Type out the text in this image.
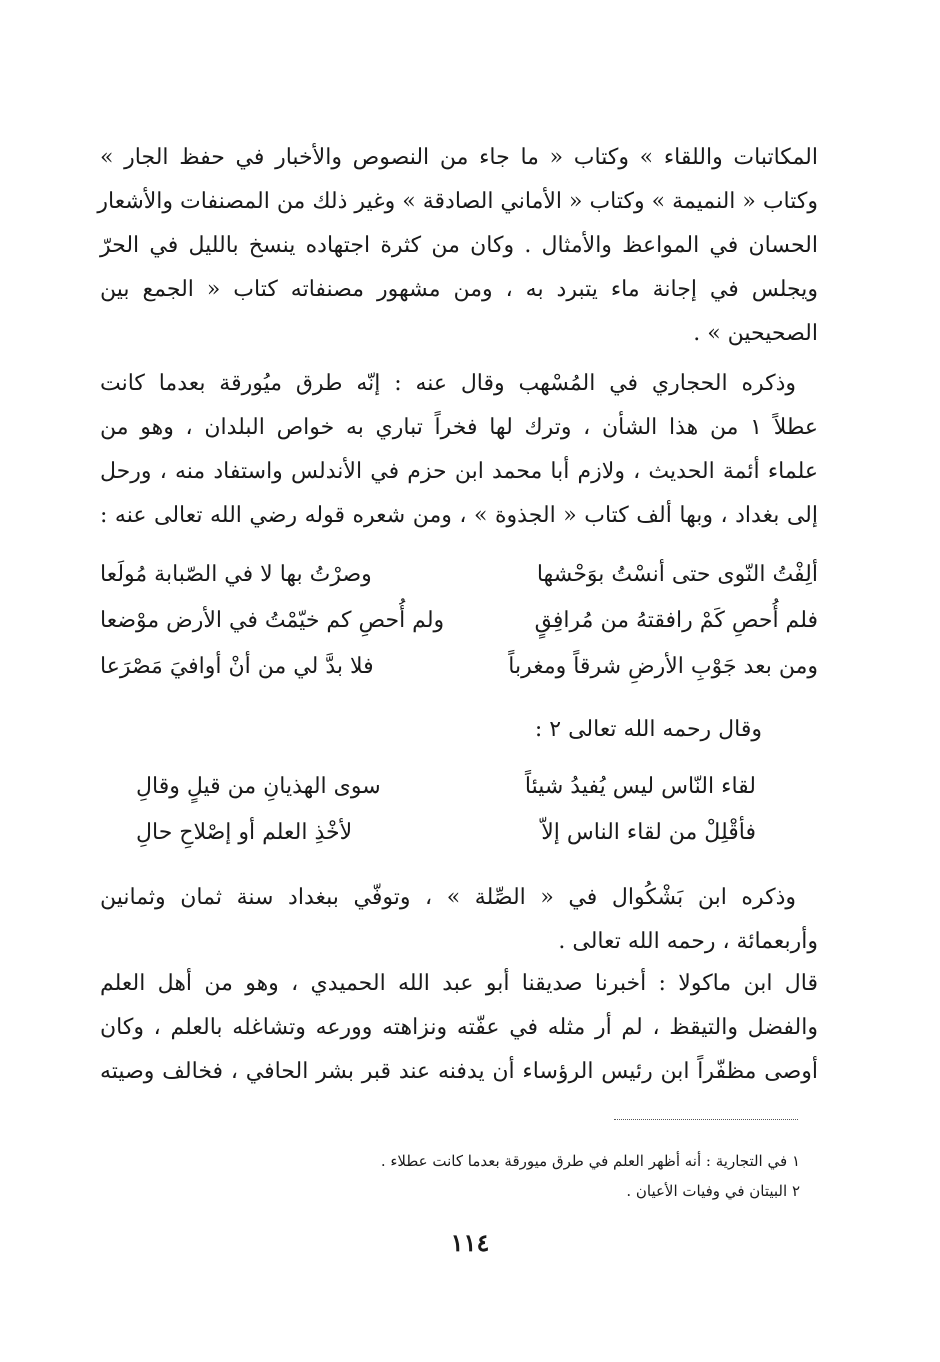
المكاتبات واللقاء » وكتاب « ما جاء من النصوص والأخبار في حفظ الجار »
وكتاب « النميمة » وكتاب « الأماني الصادقة » وغير ذلك من المصنفات والأشعار
الحسان في المواعظ والأمثال . وكان من كثرة اجتهاده ينسخ بالليل في الحرّ
ويجلس في إجانة ماء يتبرد به ، ومن مشهور مصنفاته كتاب « الجمع بين
الصحيحين » .
وذكره الحجاري في المُسْهب وقال عنه : إنّه طرق ميُورقة بعدما كانت
عطلاً ١ من هذا الشأن ، وترك لها فخراً تباري به خواص البلدان ، وهو من
علماء أئمة الحديث ، ولازم أبا محمد ابن حزم في الأندلس واستفاد منه ، ورحل
إلى بغداد ، وبها ألف كتاب « الجذوة » ، ومن شعره قوله رضي الله تعالى عنه :
ألِفْتُ النّوى حتى أنسْتُ بوَحْشها
وصرْتُ بها لا في الصّبابة مُولَعا
فلم أُحصِ كَمْ رافقتهُ من مُرافِقٍ
ولم أُحصِ كم خيّمْتُ في الأرض موْضعا
ومن بعد جَوْبِ الأرضِ شرقاً ومغرباً
فلا بدَّ لي من أنْ أوافيَ مَصْرَعا
وقال رحمه الله تعالى ٢ :
لقاء النّاس ليس يُفيدُ شيئاً
سوى الهذيانِ من قيلٍ وقالِ
فأقْلِلْ من لقاء الناس إلاّ
لأخْذِ العلم أو إصْلاحِ حالِ
وذكره ابن بَشْكُوال في « الصِّلة » ، وتوفّي ببغداد سنة ثمان وثمانين
وأربعمائة ، رحمه الله تعالى .
قال ابن ماكولا : أخبرنا صديقنا أبو عبد الله الحميدي ، وهو من أهل العلم
والفضل والتيقظ ، لم أر مثله في عفّته ونزاهته وورعه وتشاغله بالعلم ، وكان
أوصى مظفّراً ابن رئيس الرؤساء أن يدفنه عند قبر بشر الحافي ، فخالف وصيته
١ في التجارية : أنه أظهر العلم في طرق ميورقة بعدما كانت عطلاء .
٢ البيتان في وفيات الأعيان .
١١٤
